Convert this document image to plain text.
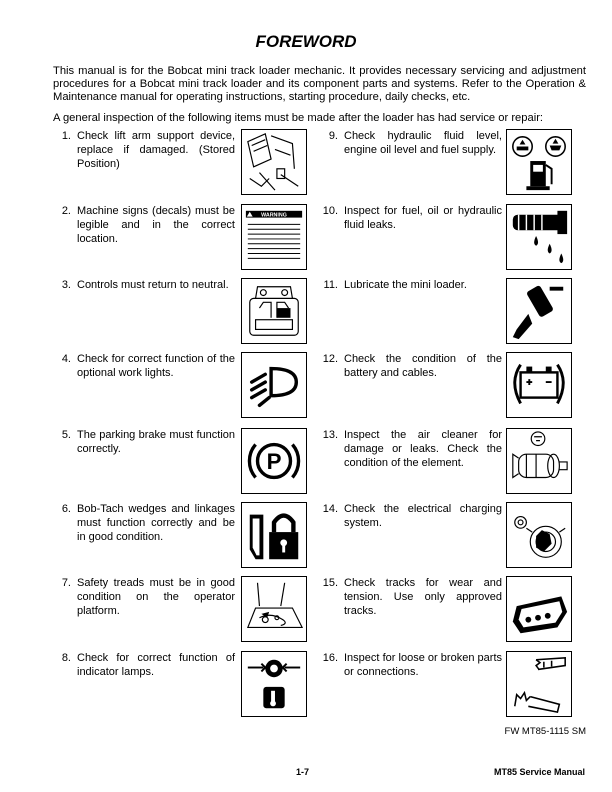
FOREWORD
This manual is for the Bobcat mini track loader mechanic. It provides necessary servicing and adjustment procedures for a Bobcat mini track loader and its component parts and systems. Refer to the Operation & Maintenance manual for operating instructions, starting procedure, daily checks, etc.
A general inspection of the following items must be made after the loader has had service or repair:
1. Check lift arm support device, replace if damaged. (Stored Position)
2. Machine signs (decals) must be legible and in the correct location.
3. Controls must return to neutral.
4. Check for correct function of the optional work lights.
5. The parking brake must function correctly.
6. Bob-Tach wedges and linkages must function correctly and be in good condition.
7. Safety treads must be in good condition on the operator platform.
8. Check for correct function of indicator lamps.
9. Check hydraulic fluid level, engine oil level and fuel supply.
10. Inspect for fuel, oil or hydraulic fluid leaks.
11. Lubricate the mini loader.
12. Check the condition of the battery and cables.
13. Inspect the air cleaner for damage or leaks. Check the condition of the element.
14. Check the electrical charging system.
15. Check tracks for wear and tension. Use only approved tracks.
16. Inspect for loose or broken parts or connections.
WARNING
P
FW MT85-1115 SM
1-7	MT85 Service Manual
